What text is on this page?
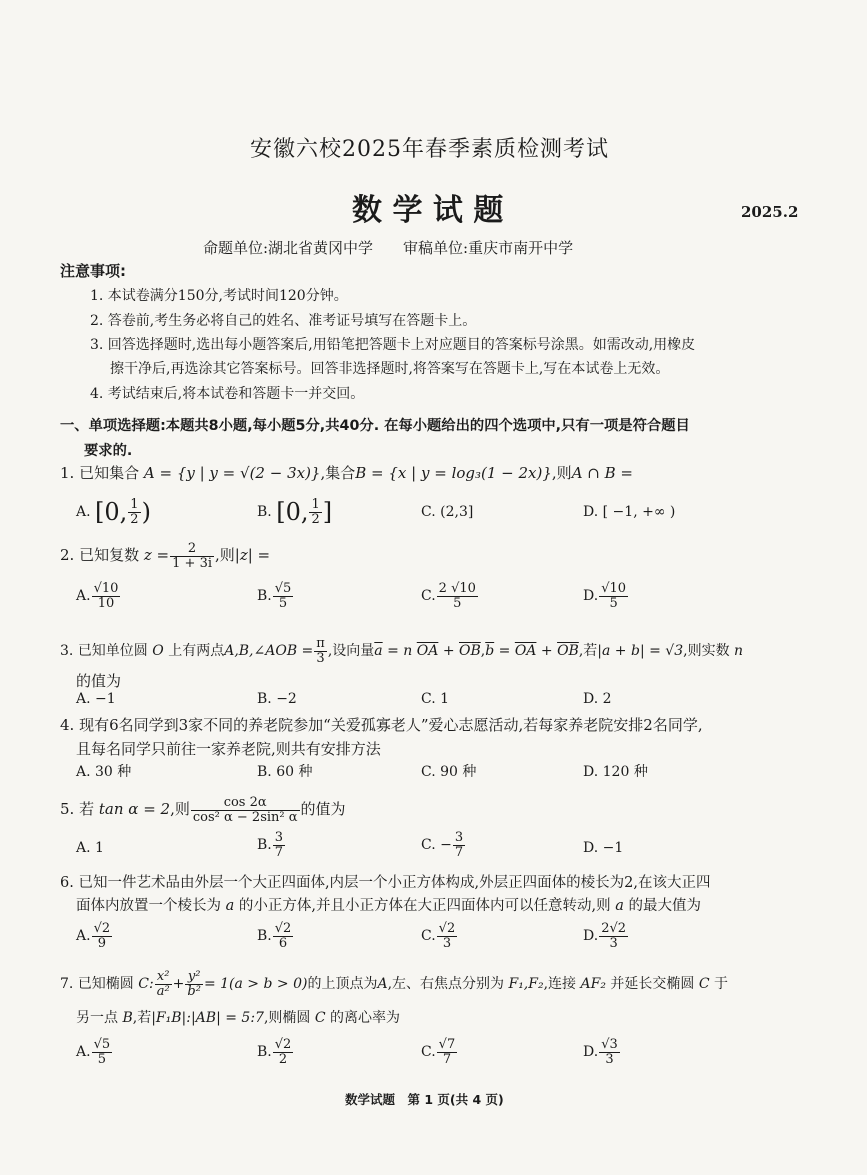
安徽六校2025年春季素质检测考试
数 学 试 题	2025.2
命题单位:湖北省黄冈中学　　审稿单位:重庆市南开中学
注意事项:
1. 本试卷满分150分,考试时间120分钟。
2. 答卷前,考生务必将自己的姓名、准考证号填写在答题卡上。
3. 回答选择题时,选出每小题答案后,用铅笔把答题卡上对应题目的答案标号涂黑。如需改动,用橡皮
擦干净后,再选涂其它答案标号。回答非选择题时,将答案写在答题卡上,写在本试卷上无效。
4. 考试结束后,将本试卷和答题卡一并交回。
一、单项选择题:本题共8小题,每小题5分,共40分. 在每小题给出的四个选项中,只有一项是符合题目
要求的.
1. 已知集合 A = {y | y = √(2 − 3x)},集合B = {x | y = log₃(1 − 2x)},则A ∩ B =
A. [0, $\frac{1}{2}$ )	B. [0, $\frac{1}{2}$ ]	C. (2,3]	D. [ −1, +∞ )
2. 已知复数 $z = \frac{2}{1 + 3i}$ ,则|z| =
A. $\frac{√10}{10}$	B. $\frac{√5}{5}$	C. $\frac{2 √10}{5}$	D. $\frac{√10}{5}$
3. 已知单位圆 O 上有两点A,B,∠AOB = $\frac{\pi}{3}$ ,设向量$\overline{a} = n$ $\overline{OA} + \overline{OB},\overline{b} = \overline{OA} + \overline{OB}$,若|a + b| = √3,则实数 n
的值为
A. −1	B. −2	C. 1	D. 2
4. 现有6名同学到3家不同的养老院参加“关爱孤寡老人”爱心志愿活动,若每家养老院安排2名同学,
且每名同学只前往一家养老院,则共有安排方法
A. 30 种	B. 60 种	C. 90 种	D. 120 种
5. 若 tan α = 2,则 $\frac{\cos 2\alpha}{\text{cos² α − 2sin² α}}$ 的值为
A. 1	B. $\frac{3}{7}$	C. − $\frac{3}{7}$	D. −1
6. 已知一件艺术品由外层一个大正四面体,内层一个小正方体构成,外层正四面体的棱长为2,在该大正四
面体内放置一个棱长为 a 的小正方体,并且小正方体在大正四面体内可以任意转动,则 a 的最大值为
A. $\frac{√2}{9}$	B. $\frac{√2}{6}$	C. $\frac{√2}{3}$	D. $\frac{2√2}{3}$
7. 已知椭圆 C: $\frac{\text{x²}}{\text{a²}} + \frac{\text{y²}}{\text{b²}} = 1(a > b > 0)$的上顶点为A,左、右焦点分别为 F₁,F₂,连接 AF₂ 并延长交椭圆 C 于
另一点 B,若|F₁B|:|AB| = 5:7,则椭圆 C 的离心率为
A. $\frac{√5}{5}$	B. $\frac{√2}{2}$	C. $\frac{√7}{7}$	D. $\frac{√3}{3}$
数学试题　第 1 页(共 4 页)
